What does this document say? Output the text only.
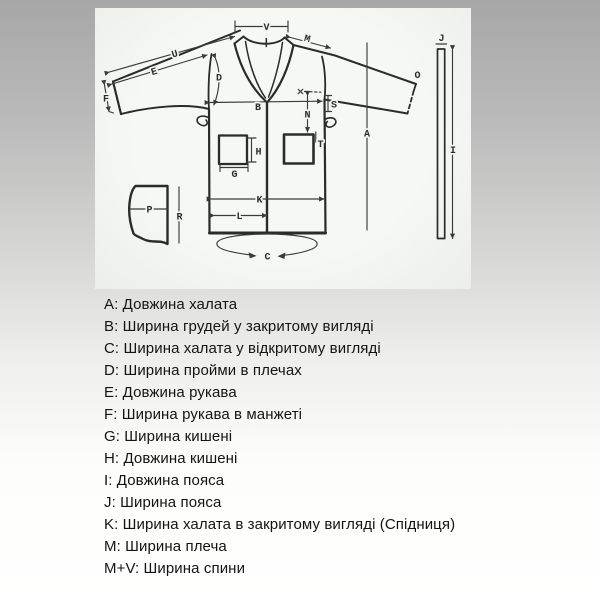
V
U
E
F
D
M
B
N
S
T
H
G
K
L
A
O
J
I
R
P
C
A: Довжина халата
B: Ширина грудей у закритому вигляді
C: Ширина халата у відкритому вигляді
D: Ширина пройми в плечах
E: Довжина рукава
F: Ширина рукава в манжеті
G: Ширина кишені
H: Довжина кишені
I: Довжина пояса
J: Ширина пояса
K: Ширина халата в закритому вигляді (Спідниця)
M: Ширина плеча
M+V: Ширина спини
